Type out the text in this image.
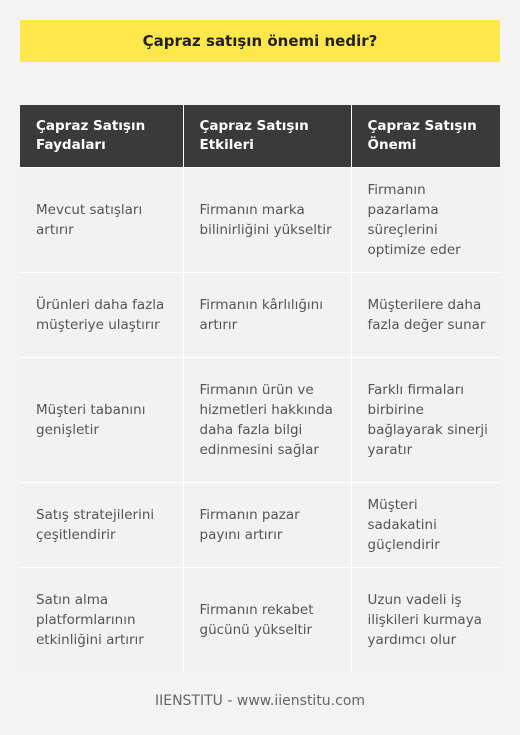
Çapraz satışın önemi nedir?
Çapraz Satışın Faydaları	Çapraz Satışın Etkileri	Çapraz Satışın Önemi
Mevcut satışları artırır	Firmanın marka bilinirliğini yükseltir	Firmanın pazarlama süreçlerini optimize eder
Ürünleri daha fazla müşteriye ulaştırır	Firmanın kârlılığını artırır	Müşterilere daha fazla değer sunar
Müşteri tabanını genişletir	Firmanın ürün ve hizmetleri hakkında daha fazla bilgi edinmesini sağlar	Farklı firmaları birbirine bağlayarak sinerji yaratır
Satış stratejilerini çeşitlendirir	Firmanın pazar payını artırır	Müşteri sadakatini güçlendirir
Satın alma platformlarının etkinliğini artırır	Firmanın rekabet gücünü yükseltir	Uzun vadeli iş ilişkileri kurmaya yardımcı olur
IIENSTITU - www.iienstitu.com
